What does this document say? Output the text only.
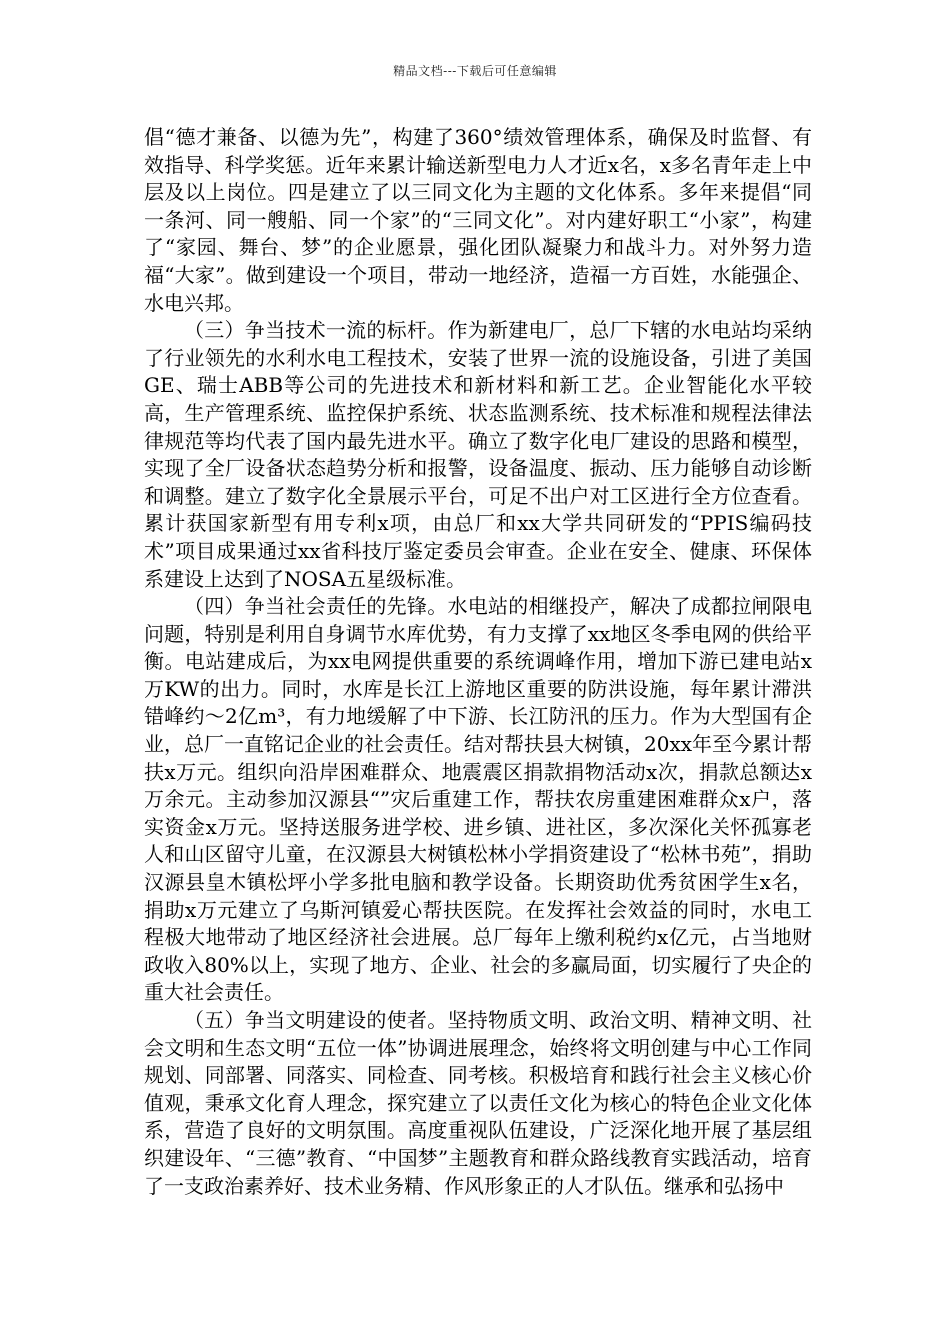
精品文档---下载后可任意编辑

倡“德才兼备、以德为先”，构建了360°绩效管理体系，确保及时监督、有效指导、科学奖惩。近年来累计输送新型电力人才近x名，x多名青年走上中层及以上岗位。四是建立了以三同文化为主题的文化体系。多年来提倡“同一条河、同一艘船、同一个家”的“三同文化”。对内建好职工“小家”，构建了“家园、舞台、梦”的企业愿景，强化团队凝聚力和战斗力。对外努力造福“大家”。做到建设一个项目，带动一地经济，造福一方百姓，水能强企、水电兴邦。

（三）争当技术一流的标杆。作为新建电厂，总厂下辖的水电站均采纳了行业领先的水利水电工程技术，安装了世界一流的设施设备，引进了美国GE、瑞士ABB等公司的先进技术和新材料和新工艺。企业智能化水平较高，生产管理系统、监控保护系统、状态监测系统、技术标准和规程法律法律规范等均代表了国内最先进水平。确立了数字化电厂建设的思路和模型，实现了全厂设备状态趋势分析和报警，设备温度、振动、压力能够自动诊断和调整。建立了数字化全景展示平台，可足不出户对工区进行全方位查看。累计获国家新型有用专利x项，由总厂和xx大学共同研发的“PPIS编码技术”项目成果通过xx省科技厅鉴定委员会审查。企业在安全、健康、环保体系建设上达到了NOSA五星级标准。

（四）争当社会责任的先锋。水电站的相继投产，解决了成都拉闸限电问题，特别是利用自身调节水库优势，有力支撑了xx地区冬季电网的供给平衡。电站建成后，为xx电网提供重要的系统调峰作用，增加下游已建电站x万KW的出力。同时，水库是长江上游地区重要的防洪设施，每年累计滞洪错峰约～2亿m³，有力地缓解了中下游、长江防汛的压力。作为大型国有企业，总厂一直铭记企业的社会责任。结对帮扶县大树镇，20xx年至今累计帮扶x万元。组织向沿岸困难群众、地震震区捐款捐物活动x次，捐款总额达x万余元。主动参加汉源县“”灾后重建工作，帮扶农房重建困难群众x户，落实资金x万元。坚持送服务进学校、进乡镇、进社区，多次深化关怀孤寡老人和山区留守儿童，在汉源县大树镇松林小学捐资建设了“松林书苑”，捐助汉源县皇木镇松坪小学多批电脑和教学设备。长期资助优秀贫困学生x名，捐助x万元建立了乌斯河镇爱心帮扶医院。在发挥社会效益的同时，水电工程极大地带动了地区经济社会进展。总厂每年上缴利税约x亿元，占当地财政收入80%以上，实现了地方、企业、社会的多赢局面，切实履行了央企的重大社会责任。

（五）争当文明建设的使者。坚持物质文明、政治文明、精神文明、社会文明和生态文明“五位一体”协调进展理念，始终将文明创建与中心工作同规划、同部署、同落实、同检查、同考核。积极培育和践行社会主义核心价值观，秉承文化育人理念，探究建立了以责任文化为核心的特色企业文化体系，营造了良好的文明氛围。高度重视队伍建设，广泛深化地开展了基层组织建设年、“三德”教育、“中国梦”主题教育和群众路线教育实践活动，培育了一支政治素养好、技术业务精、作风形象正的人才队伍。继承和弘扬中
